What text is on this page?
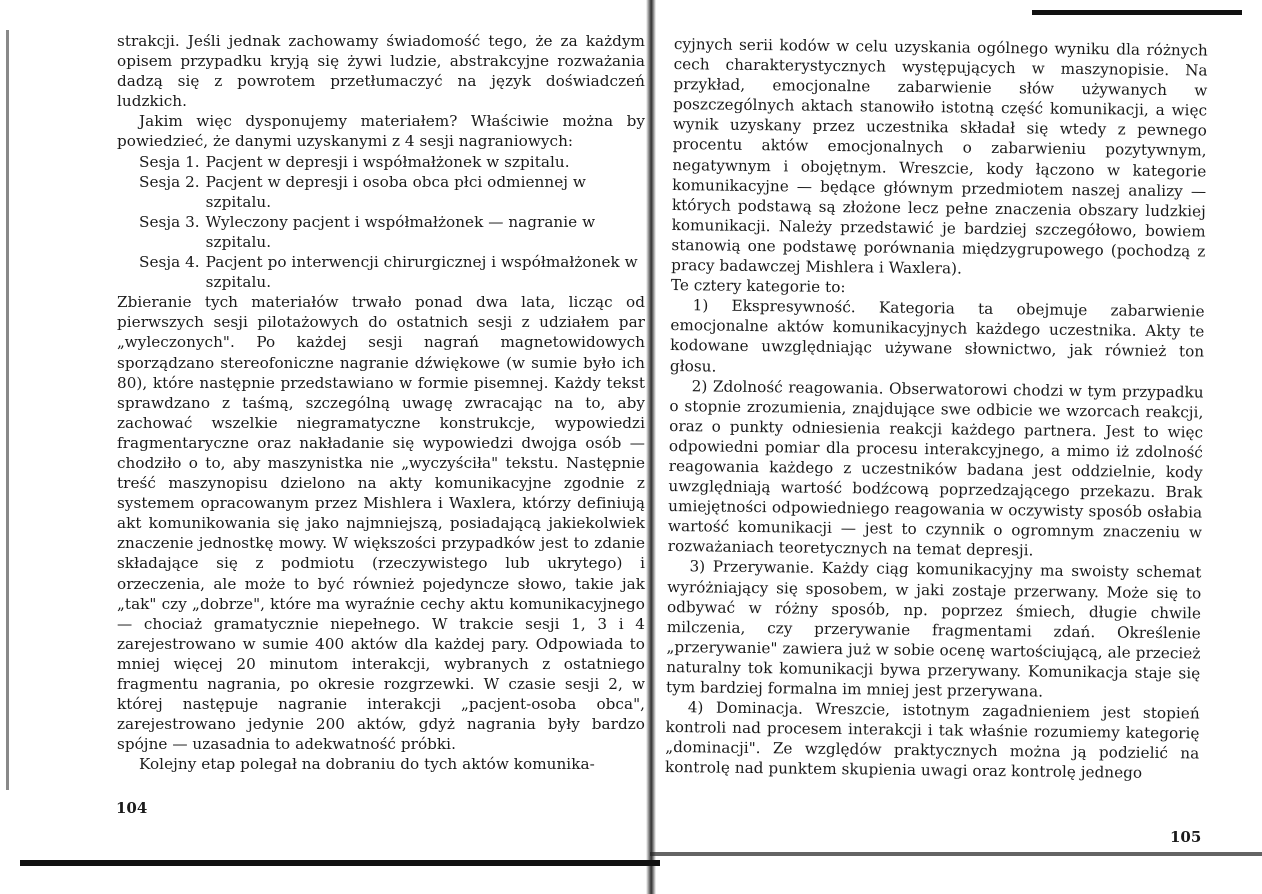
strakcji. Jeśli jednak zachowamy świadomość tego, że za każdym opisem przypadku kryją się żywi ludzie, abstrakcyjne rozważania dadzą się z powrotem przetłumaczyć na język doświadczeń ludzkich.

Jakim więc dysponujemy materiałem? Właściwie można by powiedzieć, że danymi uzyskanymi z 4 sesji nagraniowych:

Sesja 1. Pacjent w depresji i współmałżonek w szpitalu.
Sesja 2. Pacjent w depresji i osoba obca płci odmiennej w szpitalu.
Sesja 3. Wyleczony pacjent i współmałżonek — nagranie w szpitalu.
Sesja 4. Pacjent po interwencji chirurgicznej i współmałżonek w szpitalu.

Zbieranie tych materiałów trwało ponad dwa lata, licząc od pierwszych sesji pilotażowych do ostatnich sesji z udziałem par „wyleczonych". Po każdej sesji nagrań magnetowidowych sporządzano stereofoniczne nagranie dźwiękowe (w sumie było ich 80), które następnie przedstawiano w formie pisemnej. Każdy tekst sprawdzano z taśmą, szczególną uwagę zwracając na to, aby zachować wszelkie niegramatyczne konstrukcje, wypowiedzi fragmentaryczne oraz nakładanie się wypowiedzi dwojga osób — chodziło o to, aby maszynistka nie „wyczyściła" tekstu. Następnie treść maszynopisu dzielono na akty komunikacyjne zgodnie z systemem opracowanym przez Mishlera i Waxlera, którzy definiują akt komunikowania się jako najmniejszą, posiadającą jakiekolwiek znaczenie jednostkę mowy. W większości przypadków jest to zdanie składające się z podmiotu (rzeczywistego lub ukrytego) i orzeczenia, ale może to być również pojedyncze słowo, takie jak „tak" czy „dobrze", które ma wyraźnie cechy aktu komunikacyjnego — chociaż gramatycznie niepełnego. W trakcie sesji 1, 3 i 4 zarejestrowano w sumie 400 aktów dla każdej pary. Odpowiada to mniej więcej 20 minutom interakcji, wybranych z ostatniego fragmentu nagrania, po okresie rozgrzewki. W czasie sesji 2, w której następuje nagranie interakcji „pacjent-osoba obca", zarejestrowano jedynie 200 aktów, gdyż nagrania były bardzo spójne — uzasadnia to adekwatność próbki.

Kolejny etap polegał na dobraniu do tych aktów komunika-

104

cyjnych serii kodów w celu uzyskania ogólnego wyniku dla różnych cech charakterystycznych występujących w maszynopisie. Na przykład, emocjonalne zabarwienie słów używanych w poszczególnych aktach stanowiło istotną część komunikacji, a więc wynik uzyskany przez uczestnika składał się wtedy z pewnego procentu aktów emocjonalnych o zabarwieniu pozytywnym, negatywnym i obojętnym. Wreszcie, kody łączono w kategorie komunikacyjne — będące głównym przedmiotem naszej analizy — których podstawą są złożone lecz pełne znaczenia obszary ludzkiej komunikacji. Należy przedstawić je bardziej szczegółowo, bowiem stanowią one podstawę porównania międzygrupowego (pochodzą z pracy badawczej Mishlera i Waxlera).

Te cztery kategorie to:

1) Ekspresywność. Kategoria ta obejmuje zabarwienie emocjonalne aktów komunikacyjnych każdego uczestnika. Akty te kodowane uwzględniając używane słownictwo, jak również ton głosu.

2) Zdolność reagowania. Obserwatorowi chodzi w tym przypadku o stopnie zrozumienia, znajdujące swe odbicie we wzorcach reakcji, oraz o punkty odniesienia reakcji każdego partnera. Jest to więc odpowiedni pomiar dla procesu interakcyjnego, a mimo iż zdolność reagowania każdego z uczestników badana jest oddzielnie, kody uwzględniają wartość bodźcową poprzedzającego przekazu. Brak umiejętności odpowiedniego reagowania w oczywisty sposób osłabia wartość komunikacji — jest to czynnik o ogromnym znaczeniu w rozważaniach teoretycznych na temat depresji.

3) Przerywanie. Każdy ciąg komunikacyjny ma swoisty schemat wyróżniający się sposobem, w jaki zostaje przerwany. Może się to odbywać w różny sposób, np. poprzez śmiech, długie chwile milczenia, czy przerywanie fragmentami zdań. Określenie „przerywanie" zawiera już w sobie ocenę wartościującą, ale przecież naturalny tok komunikacji bywa przerywany. Komunikacja staje się tym bardziej formalna im mniej jest przerywana.

4) Dominacja. Wreszcie, istotnym zagadnieniem jest stopień kontroli nad procesem interakcji i tak właśnie rozumiemy kategorię „dominacji". Ze względów praktycznych można ją podzielić na kontrolę nad punktem skupienia uwagi oraz kontrolę jednego

105
